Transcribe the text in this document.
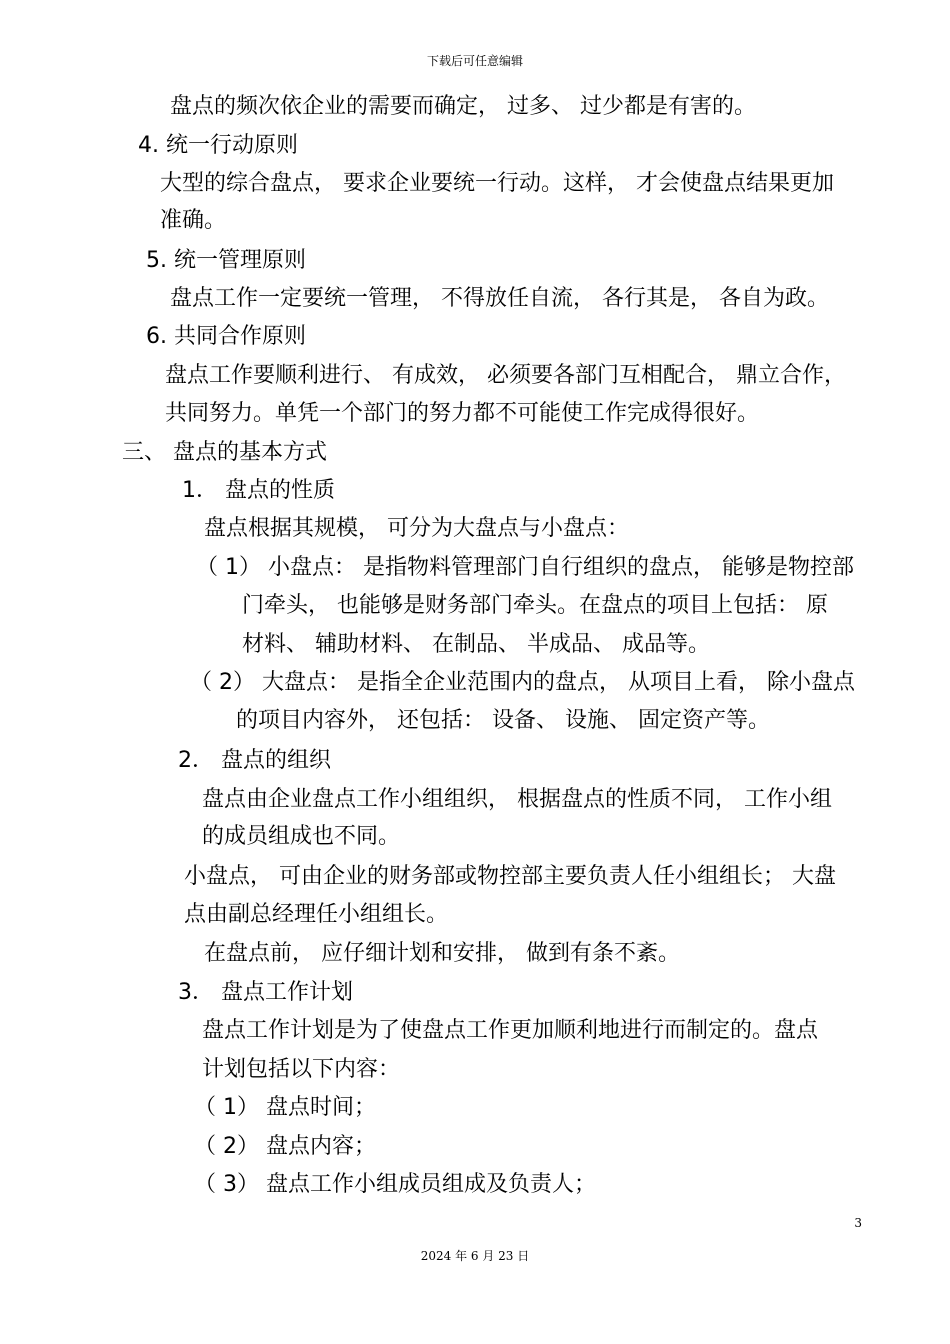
下载后可任意编辑
盘点的频次依企业的需要而确定， 过多、 过少都是有害的。
4. 统一行动原则
大型的综合盘点， 要求企业要统一行动。这样， 才会使盘点结果更加
准确。
5. 统一管理原则
盘点工作一定要统一管理， 不得放任自流， 各行其是， 各自为政。
6. 共同合作原则
盘点工作要顺利进行、 有成效， 必须要各部门互相配合， 鼎立合作，
共同努力。单凭一个部门的努力都不可能使工作完成得很好。
三、 盘点的基本方式
1． 盘点的性质
盘点根据其规模， 可分为大盘点与小盘点：
（ 1） 小盘点： 是指物料管理部门自行组织的盘点， 能够是物控部
门牵头， 也能够是财务部门牵头。在盘点的项目上包括： 原
材料、 辅助材料、 在制品、 半成品、 成品等。
（ 2） 大盘点： 是指全企业范围内的盘点， 从项目上看， 除小盘点
的项目内容外， 还包括： 设备、 设施、 固定资产等。
2． 盘点的组织
盘点由企业盘点工作小组组织， 根据盘点的性质不同， 工作小组
的成员组成也不同。
小盘点， 可由企业的财务部或物控部主要负责人任小组组长； 大盘
点由副总经理任小组组长。
在盘点前， 应仔细计划和安排， 做到有条不紊。
3． 盘点工作计划
盘点工作计划是为了使盘点工作更加顺利地进行而制定的。盘点
计划包括以下内容：
（ 1） 盘点时间；
（ 2） 盘点内容；
（ 3） 盘点工作小组成员组成及负责人；
3
2024 年 6 月 23 日
